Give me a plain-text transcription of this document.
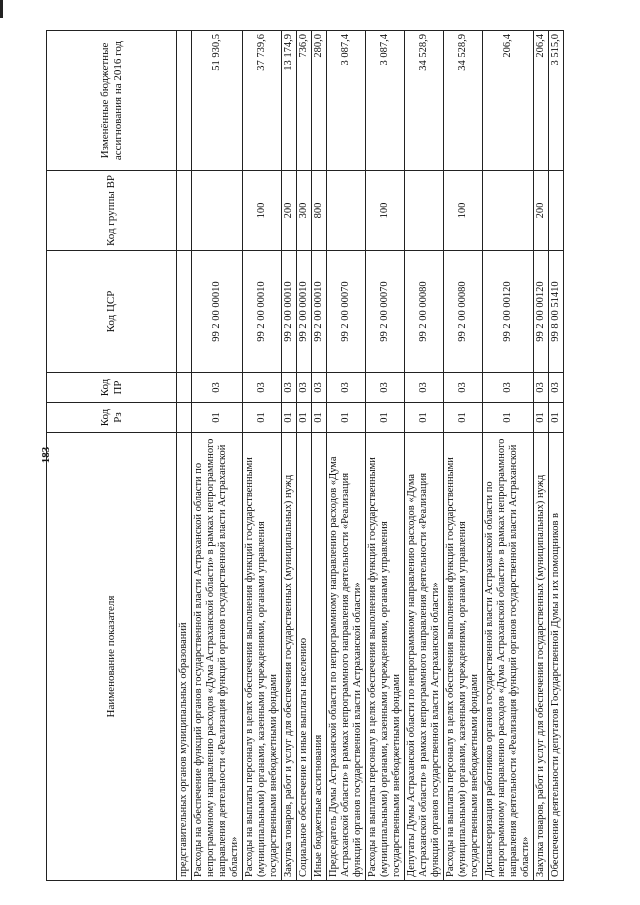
183
Наименование показателя	Код Рз	Код ПР	Код ЦСР	Код группы ВР	Изменённые бюджетные ассигнования на 2016 год
представительных органов муниципальных образований					
Расходы на обеспечение функций органов государственной власти Астраханской области по непрограммному направлению расходов «Дума Астраханской области» в рамках непрограммного направления деятельности «Реализация функций органов государственной власти Астраханской области»	01	03	99 2 00 00010		51 930,5
Расходы на выплаты персоналу в целях обеспечения выполнения функций государственными (муниципальными) органами, казенными учреждениями, органами управления государственными внебюджетными фондами	01	03	99 2 00 00010	100	37 739,6
Закупка товаров, работ и услуг для обеспечения государственных (муниципальных) нужд	01	03	99 2 00 00010	200	13 174,9
Социальное обеспечение и иные выплаты населению	01	03	99 2 00 00010	300	736,0
Иные бюджетные ассигнования	01	03	99 2 00 00010	800	280,0
Председатель Думы Астраханской области по непрограммному направлению расходов «Дума Астраханской области» в рамках непрограммного направления деятельности «Реализация функций органов государственной власти Астраханской области»	01	03	99 2 00 00070		3 087,4
Расходы на выплаты персоналу в целях обеспечения выполнения функций государственными (муниципальными) органами, казенными учреждениями, органами управления государственными внебюджетными фондами	01	03	99 2 00 00070	100	3 087,4
Депутаты Думы Астраханской области по непрограммному направлению расходов «Дума Астраханской области» в рамках непрограммного направления деятельности «Реализация функций органов государственной власти Астраханской области»	01	03	99 2 00 00080		34 528,9
Расходы на выплаты персоналу в целях обеспечения выполнения функций государственными (муниципальными) органами, казенными учреждениями, органами управления государственными внебюджетными фондами	01	03	99 2 00 00080	100	34 528,9
Диспансеризация работников органов государственной власти Астраханской области по непрограммному направлению расходов «Дума Астраханской области» в рамках непрограммного направления деятельности «Реализация функций органов государственной власти Астраханской области»	01	03	99 2 00 00120		206,4
Закупка товаров, работ и услуг для обеспечения государственных (муниципальных) нужд	01	03	99 2 00 00120	200	206,4
Обеспечение деятельности депутатов Государственной Думы и их помощников в	01	03	99 8 00 51410		3 515,0
